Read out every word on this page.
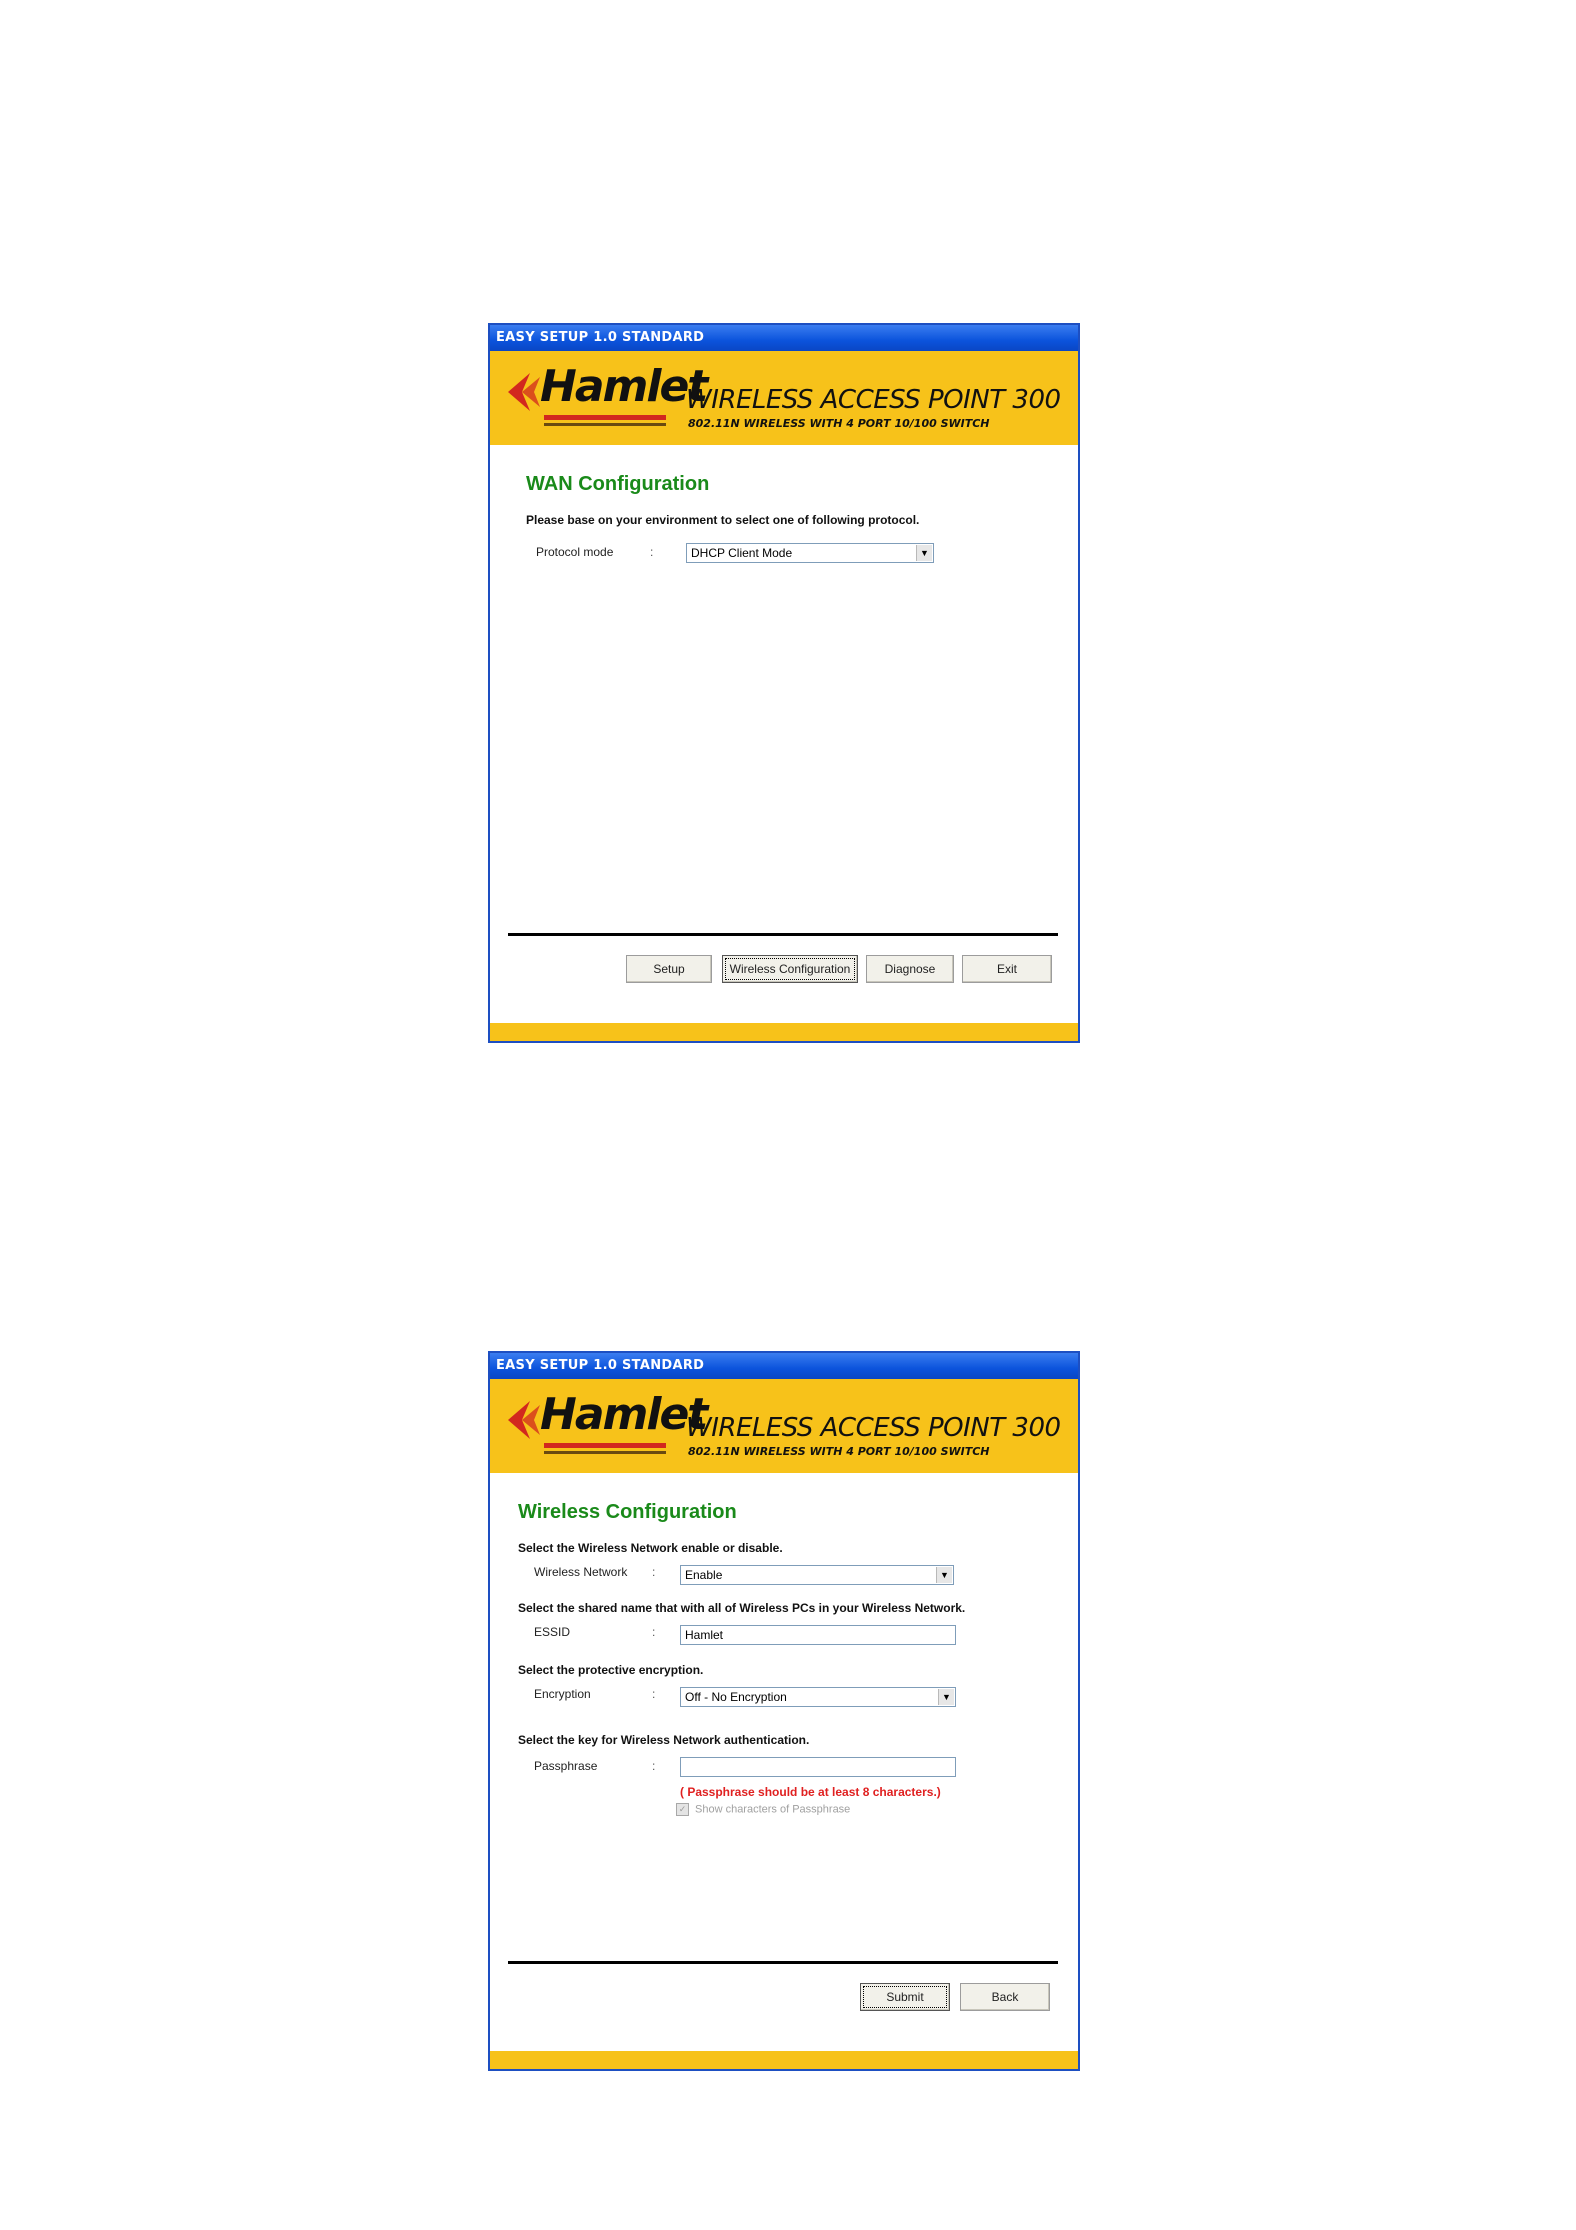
EASY SETUP 1.0 STANDARD
Hamlet
WIRELESS ACCESS POINT 300
802.11N WIRELESS WITH 4 PORT 10/100 SWITCH
WAN Configuration
Please base on your environment to select one of following protocol.
Protocol mode	:	DHCP Client Mode	▼
Setup	Wireless Configuration	Diagnose	Exit
EASY SETUP 1.0 STANDARD
Hamlet
WIRELESS ACCESS POINT 300
802.11N WIRELESS WITH 4 PORT 10/100 SWITCH
Wireless Configuration
Select the Wireless Network enable or disable.
Wireless Network :	Enable	▼
Select the shared name that with all of Wireless PCs in your Wireless Network.
ESSID	:	Hamlet
Select the protective encryption.
Encryption	:	Off - No Encryption	▼
Select the key for Wireless Network authentication.
Passphrase	:
( Passphrase should be at least 8 characters.)
✓ Show characters of Passphrase
Submit	Back
